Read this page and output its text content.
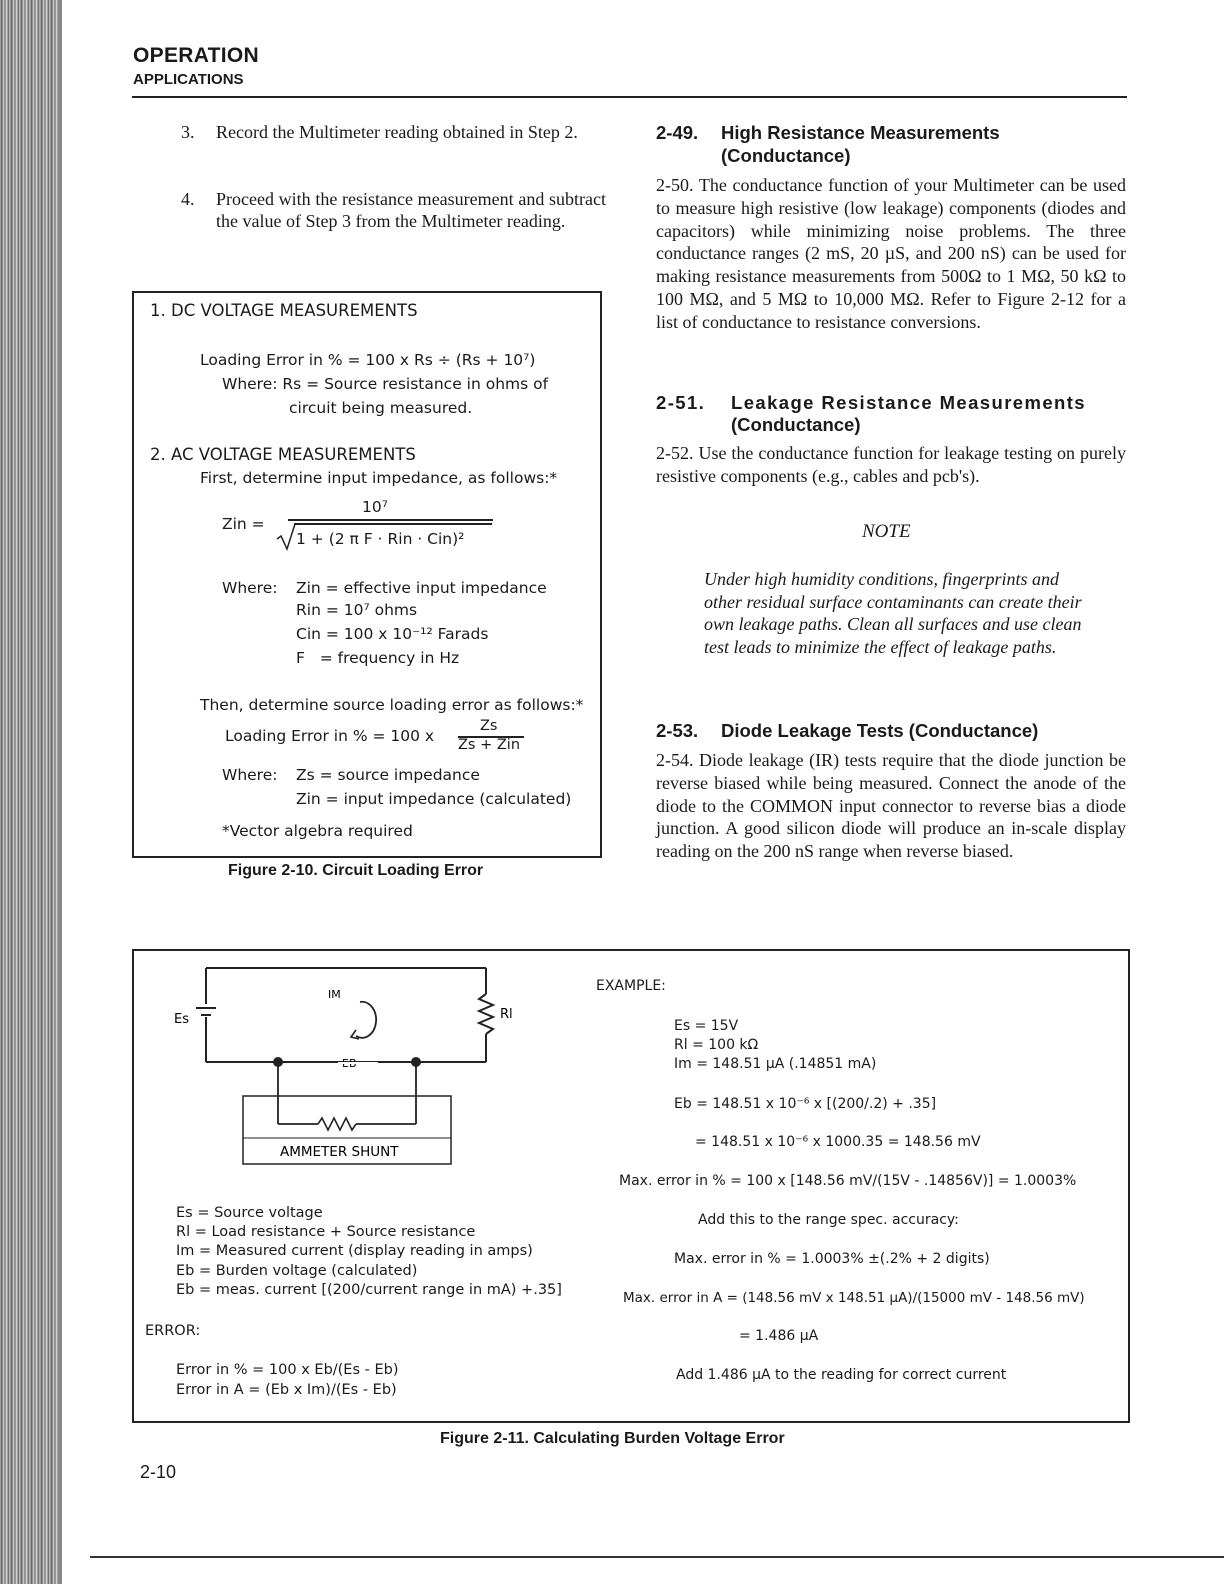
OPERATION
APPLICATIONS
3. Record the Multimeter reading obtained in Step 2.
4. Proceed with the resistance measurement and subtract the value of Step 3 from the Multimeter reading.
1. DC VOLTAGE MEASUREMENTS
Loading Error in % = 100 x Rs ÷ (Rs + 10⁷)
Where: Rs = Source resistance in ohms of
circuit being measured.
2. AC VOLTAGE MEASUREMENTS
First, determine input impedance, as follows:*
Zin =
10⁷
1 + (2 π F · Rin · Cin)²
Where: Zin = effective input impedance
Rin = 10⁷ ohms
Cin = 100 x 10⁻¹² Farads
F   = frequency in Hz
Then, determine source loading error as follows:*
Loading Error in % = 100 x
Zs
Zs + Zin
Where: Zs = source impedance
Zin = input impedance (calculated)
*Vector algebra required
Figure 2-10. Circuit Loading Error
2-49. High Resistance Measurements
(Conductance)
2-50. The conductance function of your Multimeter can be used to measure high resistive (low leakage) components (diodes and capacitors) while minimizing noise problems. The three conductance ranges (2 mS, 20 µS, and 200 nS) can be used for making resistance measurements from 500Ω to 1 MΩ, 50 kΩ to 100 MΩ, and 5 MΩ to 10,000 MΩ. Refer to Figure 2-12 for a list of conductance to resistance conversions.
2-51. Leakage Resistance Measurements
(Conductance)
2-52. Use the conductance function for leakage testing on purely resistive components (e.g., cables and pcb's).
NOTE
Under high humidity conditions, fingerprints and other residual surface contaminants can create their own leakage paths. Clean all surfaces and use clean test leads to minimize the effect of leakage paths.
2-53. Diode Leakage Tests (Conductance)
2-54. Diode leakage (IR) tests require that the diode junction be reverse biased while being measured. Connect the anode of the diode to the COMMON input connector to reverse bias a diode junction. A good silicon diode will produce an in-scale display reading on the 200 nS range when reverse biased.
Es
IM
Rl
AMMETER SHUNT
Es = Source voltage
Rl = Load resistance + Source resistance
Im = Measured current (display reading in amps)
Eb = Burden voltage (calculated)
Eb = meas. current [(200/current range in mA) +.35]
ERROR:
Error in % = 100 x Eb/(Es - Eb)
Error in A = (Eb x Im)/(Es - Eb)
EXAMPLE:
Es = 15V
Rl = 100 kΩ
Im = 148.51 µA (.14851 mA)
Eb = 148.51 x 10⁻⁶ x [(200/.2) + .35]
= 148.51 x 10⁻⁶ x 1000.35 = 148.56 mV
Max. error in % = 100 x [148.56 mV/(15V - .14856V)] = 1.0003%
Add this to the range spec. accuracy:
Max. error in % = 1.0003% ±(.2% + 2 digits)
Max. error in A = (148.56 mV x 148.51 µA)/(15000 mV - 148.56 mV)
= 1.486 µA
Add 1.486 µA to the reading for correct current
Figure 2-11. Calculating Burden Voltage Error
2-10
